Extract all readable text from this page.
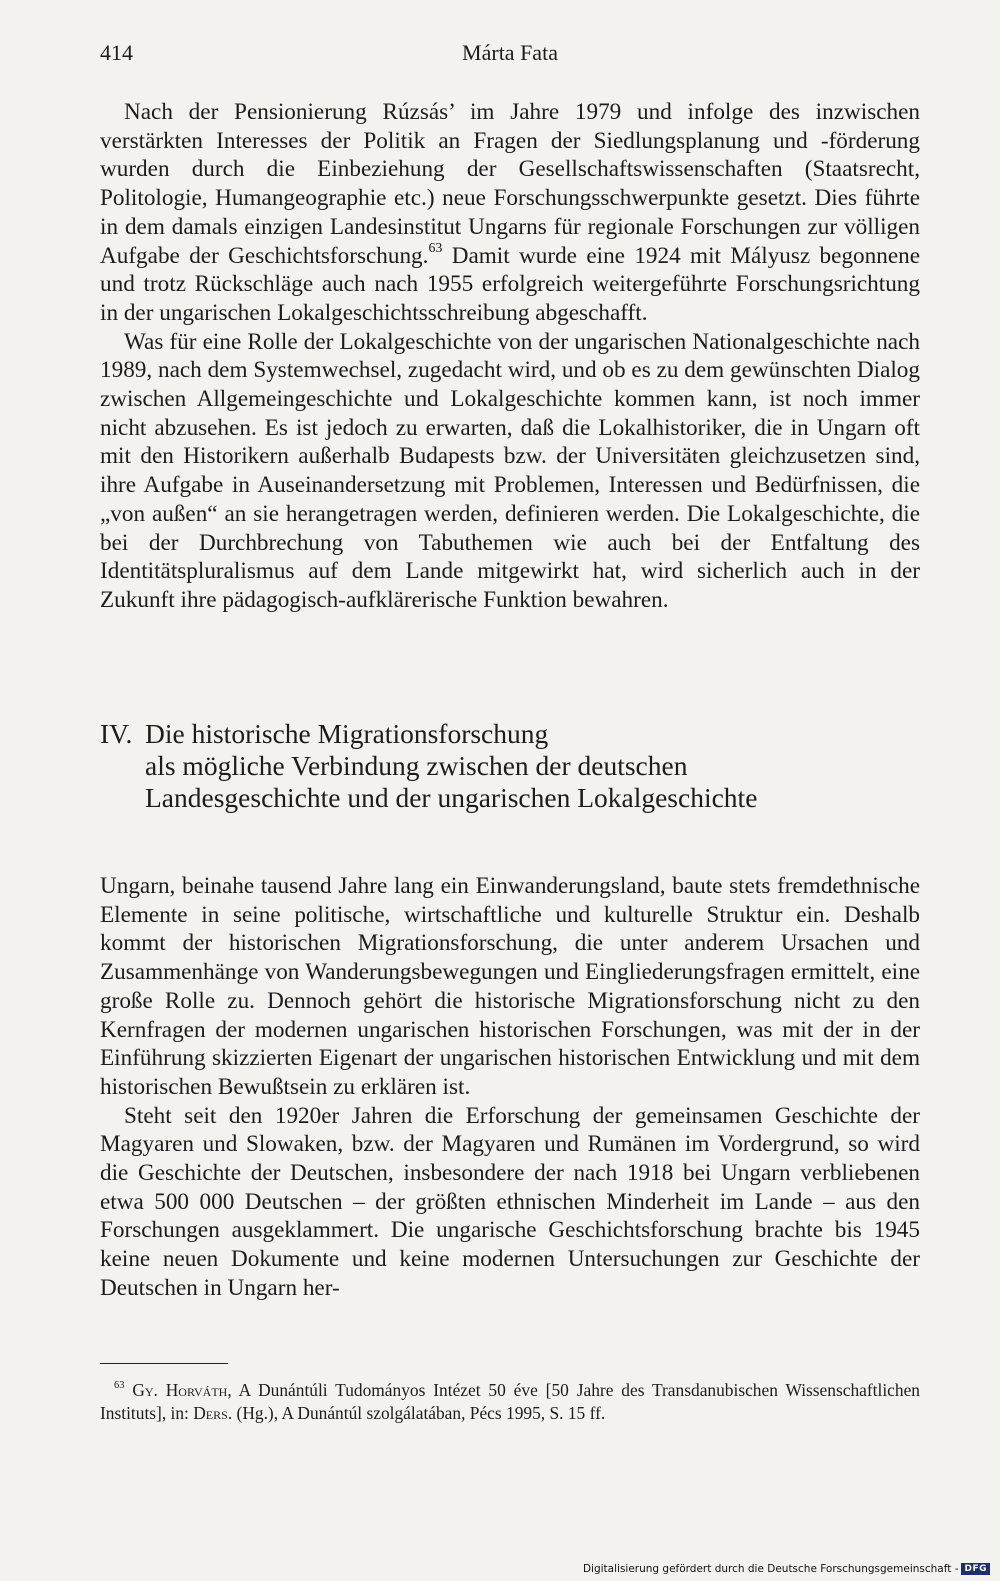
414	Márta Fata

Nach der Pensionierung Rúzsás’ im Jahre 1979 und infolge des inzwischen verstärkten Interesses der Politik an Fragen der Siedlungsplanung und -förderung wurden durch die Einbeziehung der Gesellschaftswissenschaften (Staatsrecht, Politologie, Humangeographie etc.) neue Forschungsschwerpunkte gesetzt. Dies führte in dem damals einzigen Landesinstitut Ungarns für regionale Forschungen zur völligen Aufgabe der Geschichtsforschung.$^{63}$ Damit wurde eine 1924 mit Mályusz begonnene und trotz Rückschläge auch nach 1955 erfolgreich weitergeführte Forschungsrichtung in der ungarischen Lokalgeschichtsschreibung abgeschafft.

Was für eine Rolle der Lokalgeschichte von der ungarischen Nationalgeschichte nach 1989, nach dem Systemwechsel, zugedacht wird, und ob es zu dem gewünschten Dialog zwischen Allgemeingeschichte und Lokalgeschichte kommen kann, ist noch immer nicht abzusehen. Es ist jedoch zu erwarten, daß die Lokalhistoriker, die in Ungarn oft mit den Historikern außerhalb Budapests bzw. der Universitäten gleichzusetzen sind, ihre Aufgabe in Auseinandersetzung mit Problemen, Interessen und Bedürfnissen, die „von außen“ an sie herangetragen werden, definieren werden. Die Lokalgeschichte, die bei der Durchbrechung von Tabuthemen wie auch bei der Entfaltung des Identitätspluralismus auf dem Lande mitgewirkt hat, wird sicherlich auch in der Zukunft ihre pädagogisch-aufklärerische Funktion bewahren.

IV. Die historische Migrationsforschung
als mögliche Verbindung zwischen der deutschen
Landesgeschichte und der ungarischen Lokalgeschichte

Ungarn, beinahe tausend Jahre lang ein Einwanderungsland, baute stets fremdethnische Elemente in seine politische, wirtschaftliche und kulturelle Struktur ein. Deshalb kommt der historischen Migrationsforschung, die unter anderem Ursachen und Zusammenhänge von Wanderungsbewegungen und Eingliederungsfragen ermittelt, eine große Rolle zu. Dennoch gehört die historische Migrationsforschung nicht zu den Kernfragen der modernen ungarischen historischen Forschungen, was mit der in der Einführung skizzierten Eigenart der ungarischen historischen Entwicklung und mit dem historischen Bewußtsein zu erklären ist.

Steht seit den 1920er Jahren die Erforschung der gemeinsamen Geschichte der Magyaren und Slowaken, bzw. der Magyaren und Rumänen im Vordergrund, so wird die Geschichte der Deutschen, insbesondere der nach 1918 bei Ungarn verbliebenen etwa 500 000 Deutschen – der größten ethnischen Minderheit im Lande – aus den Forschungen ausgeklammert. Die ungarische Geschichtsforschung brachte bis 1945 keine neuen Dokumente und keine modernen Untersuchungen zur Geschichte der Deutschen in Ungarn her-

$^{63}$ Gy. Horváth, A Dunántúli Tudományos Intézet 50 éve [50 Jahre des Transdanubischen Wissenschaftlichen Instituts], in: Ders. (Hg.), A Dunántúl szolgálatában, Pécs 1995, S. 15 ff.

Digitalisierung gefördert durch die Deutsche Forschungsgemeinschaft - DFG
